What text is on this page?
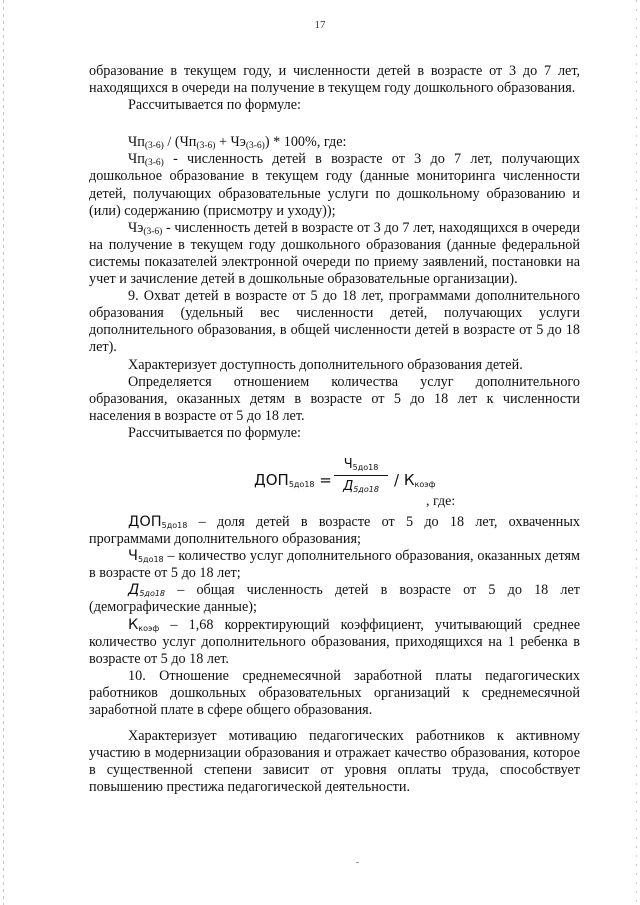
17

образование в текущем году, и численности детей в возрасте от 3 до 7 лет, находящихся в очереди на получение в текущем году дошкольного образования.

Рассчитывается по формуле:

$Чп_{(3-6)} / (Чп_{(3-6)} + Чэ_{(3-6)}) * 100\%$, где:

$Чп_{(3-6)}$ - численность детей в возрасте от 3 до 7 лет, получающих дошкольное образование в текущем году (данные мониторинга численности детей, получающих образовательные услуги по дошкольному образованию и (или) содержанию (присмотру и уходу));

$Чэ_{(3-6)}$ - численность детей в возрасте от 3 до 7 лет, находящихся в очереди на получение в текущем году дошкольного образования (данные федеральной системы показателей электронной очереди по приему заявлений, постановки на учет и зачисление детей в дошкольные образовательные организации).

9. Охват детей в возрасте от 5 до 18 лет, программами дополнительного образования (удельный вес численности детей, получающих услуги дополнительного образования, в общей численности детей в возрасте от 5 до 18 лет).

Характеризует доступность дополнительного образования детей.

Определяется отношением количества услуг дополнительного образования, оказанных детям в возрасте от 5 до 18 лет к численности населения в возрасте от 5 до 18 лет.

Рассчитывается по формуле:

$ДОП_{5до18}$ =
$Ч_{5до18}$
$Д_{5до18}$
/ $К_{коэф}$
, где:

$ДОП_{5до18}$ – доля детей в возрасте от 5 до 18 лет, охваченных программами дополнительного образования;

$Ч_{5до18}$ – количество услуг дополнительного образования, оказанных детям в возрасте от 5 до 18 лет;

$Д_{5до18}$ – общая численность детей в возрасте от 5 до 18 лет (демографические данные);

$К_{коэф} - 1,68$ корректирующий коэффициент, учитывающий среднее количество услуг дополнительного образования, приходящихся на 1 ребенка в возрасте от 5 до 18 лет.

10. Отношение среднемесячной заработной платы педагогических работников дошкольных образовательных организаций к среднемесячной заработной плате в сфере общего образования.

Характеризует мотивацию педагогических работников к активному участию в модернизации образования и отражает качество образования, которое в существенной степени зависит от уровня оплаты труда, способствует повышению престижа педагогической деятельности.
